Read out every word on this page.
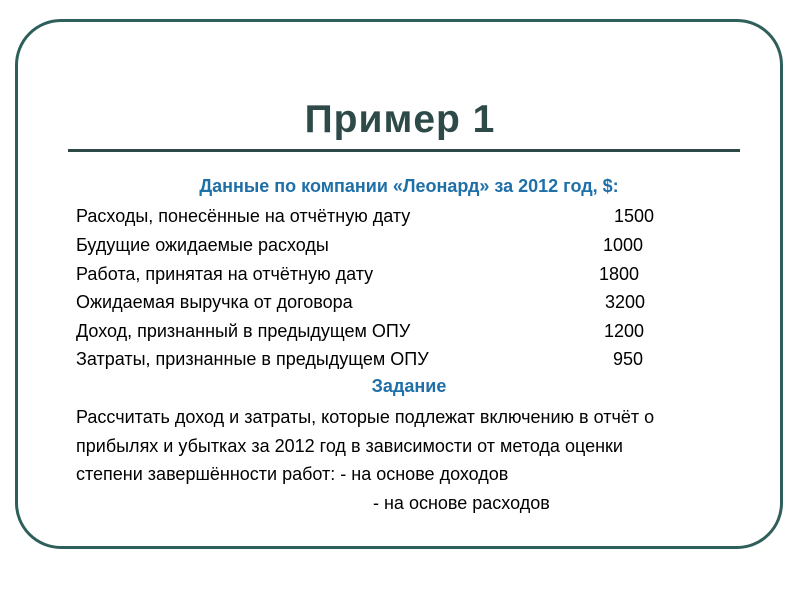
Пример 1
Данные по компании «Леонард» за 2012 год, $:
Расходы, понесённые на отчётную дату	1500
Будущие ожидаемые расходы	1000
Работа, принятая на отчётную дату	1800
Ожидаемая выручка от договора	3200
Доход, признанный в предыдущем ОПУ	1200
Затраты, признанные в предыдущем ОПУ	950
Задание
Рассчитать доход и затраты, которые подлежат включению в отчёт о
прибылях и убытках за 2012 год в зависимости от метода оценки
степени завершённости работ: - на основе доходов
- на основе расходов
